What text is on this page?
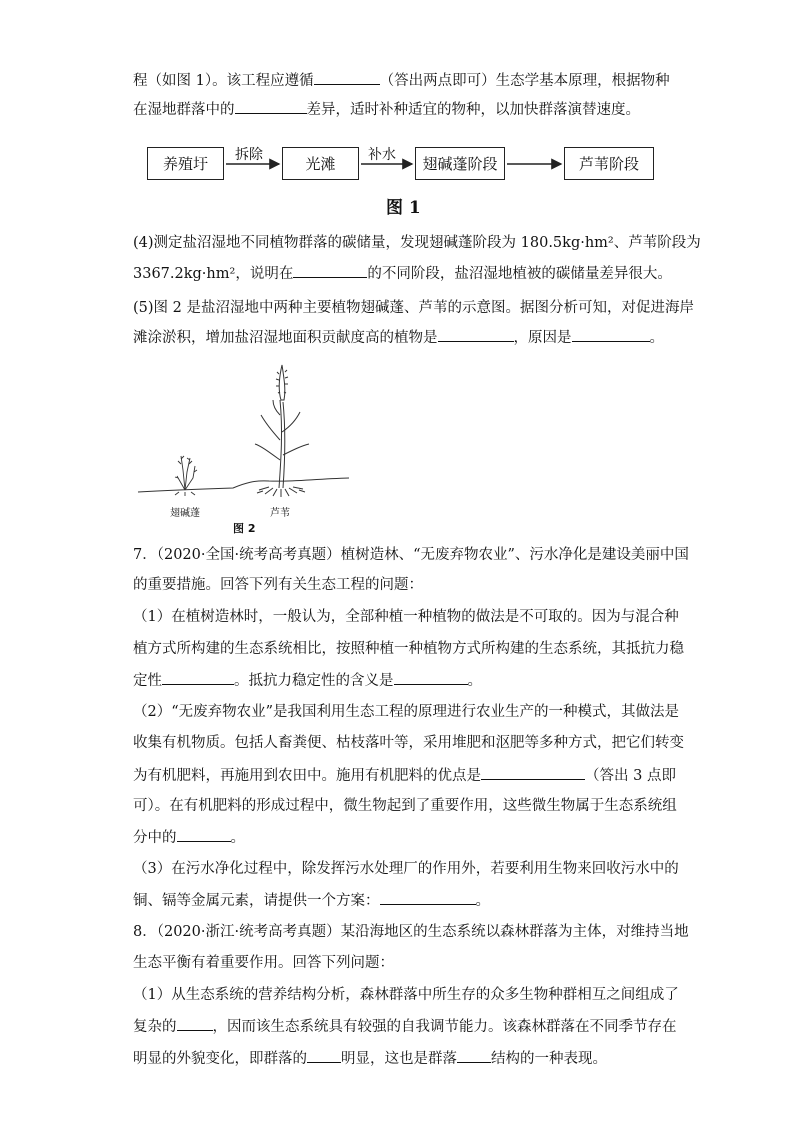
程（如图 1）。该工程应遵循	（答出两点即可）生态学基本原理，根据物种
在湿地群落中的	差异，适时补种适宜的物种，以加快群落演替速度。
养殖圩	光滩	翅碱蓬阶段	芦苇阶段
拆除	补水
图 1
(4)测定盐沼湿地不同植物群落的碳储量，发现翅碱蓬阶段为 180.5kg·hm²、芦苇阶段为
3367.2kg·hm²，说明在	的不同阶段，盐沼湿地植被的碳储量差异很大。
(5)图 2 是盐沼湿地中两种主要植物翅碱蓬、芦苇的示意图。据图分析可知，对促进海岸
滩涂淤积，增加盐沼湿地面积贡献度高的植物是	，原因是	。
翅碱蓬	芦苇
图 2
7．（2020·全国·统考高考真题）植树造林、“无废弃物农业”、污水净化是建设美丽中国
的重要措施。回答下列有关生态工程的问题：
（1）在植树造林时，一般认为，全部种植一种植物的做法是不可取的。因为与混合种
植方式所构建的生态系统相比，按照种植一种植物方式所构建的生态系统，其抵抗力稳
定性	。抵抗力稳定性的含义是	。
（2）“无废弃物农业”是我国利用生态工程的原理进行农业生产的一种模式，其做法是
收集有机物质。包括人畜粪便、枯枝落叶等，采用堆肥和沤肥等多种方式，把它们转变
为有机肥料，再施用到农田中。施用有机肥料的优点是	（答出 3 点即
可）。在有机肥料的形成过程中，微生物起到了重要作用，这些微生物属于生态系统组
分中的	。
（3）在污水净化过程中，除发挥污水处理厂的作用外，若要利用生物来回收污水中的
铜、镉等金属元素，请提供一个方案：	。
8．（2020·浙江·统考高考真题）某沿海地区的生态系统以森林群落为主体，对维持当地
生态平衡有着重要作用。回答下列问题：
（1）从生态系统的营养结构分析，森林群落中所生存的众多生物种群相互之间组成了
复杂的 ，因而该生态系统具有较强的自我调节能力。该森林群落在不同季节存在
明显的外貌变化，即群落的 明显，这也是群落 结构的一种表现。
